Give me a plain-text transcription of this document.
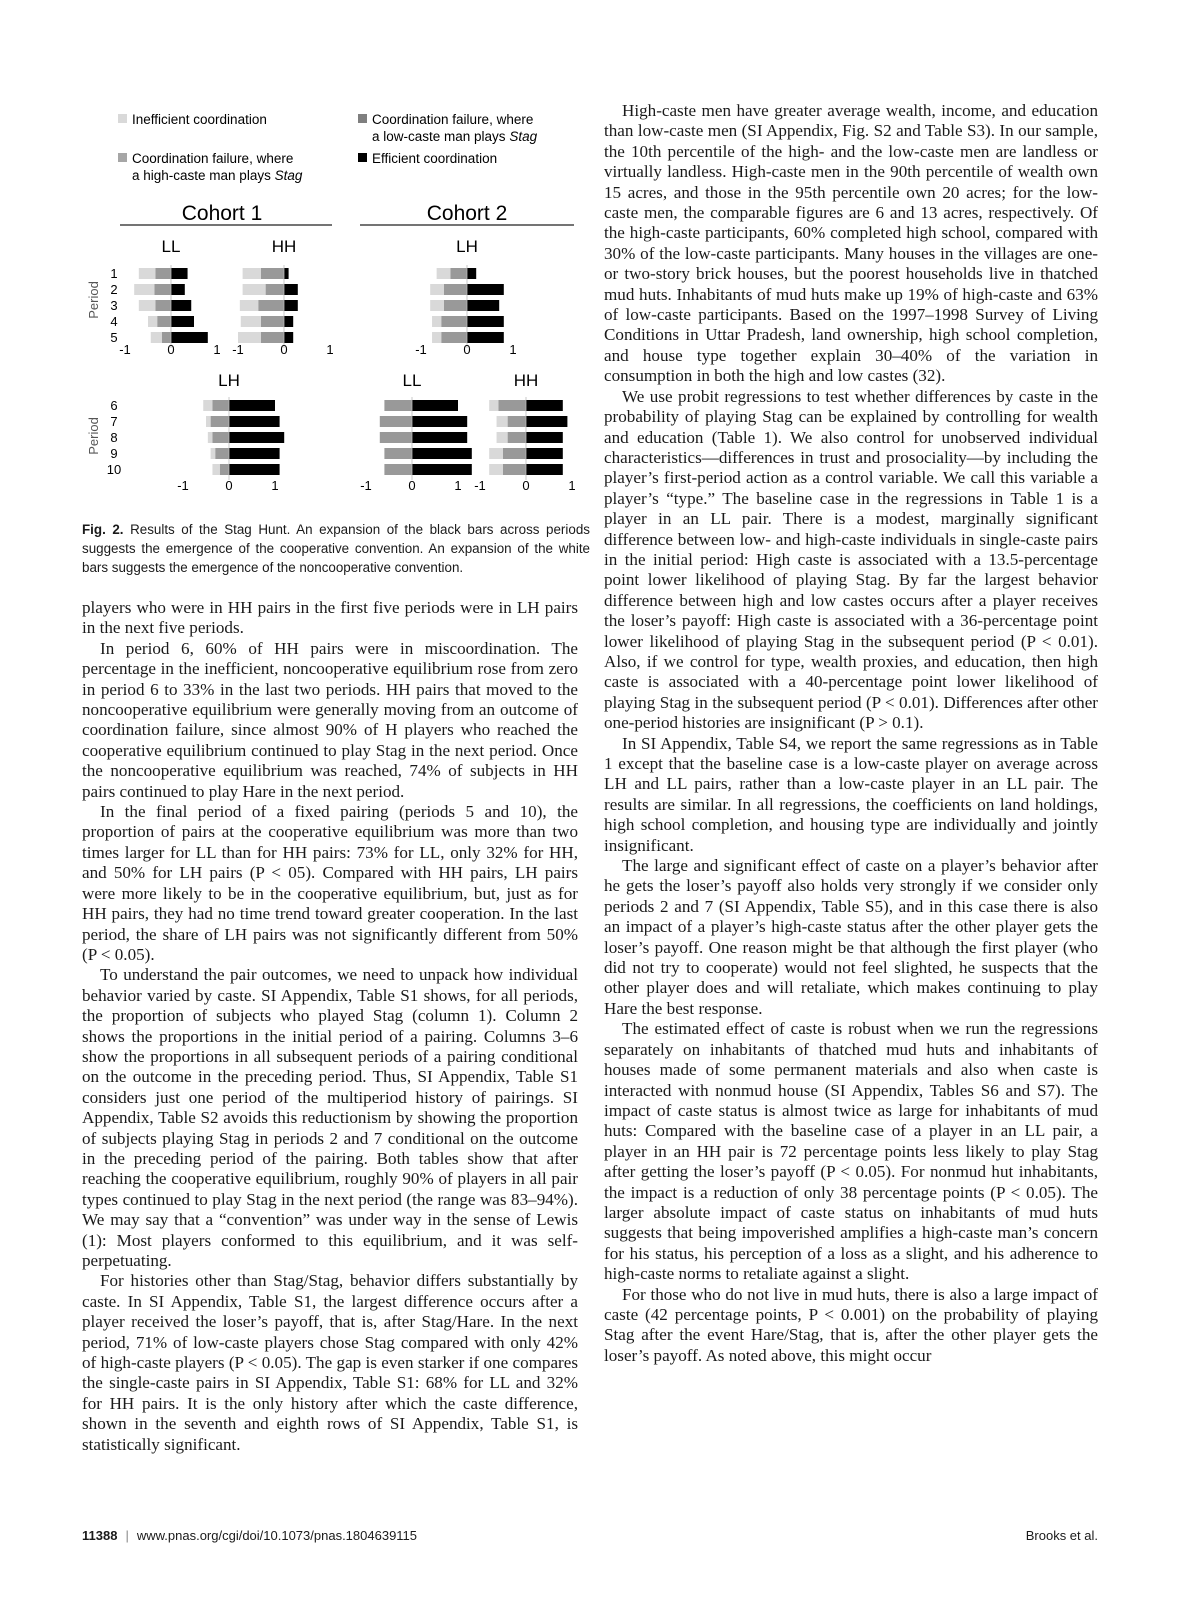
Inefficient coordination	Coordination failure, where
a low-caste man plays Stag
Coordination failure, where
a high-caste man plays Stag
Efficient coordination
Cohort 1	Cohort 2
Period
Period
LL
-1	0	1
HH
-1	0	1
LH
-1	0	1
LH
-1	0	1
LL
-1	0	1
HH
-1	0	1
1
2
3
4
5
6
7
8
9
10
Fig. 2. Results of the Stag Hunt. An expansion of the black bars across periods suggests the emergence of the cooperative convention. An expansion of the white bars suggests the emergence of the noncooperative convention.

players who were in HH pairs in the first five periods were in LH pairs in the next five periods.

In period 6, 60% of HH pairs were in miscoordination. The percentage in the inefficient, noncooperative equilibrium rose from zero in period 6 to 33% in the last two periods. HH pairs that moved to the noncooperative equilibrium were generally moving from an outcome of coordination failure, since almost 90% of H players who reached the cooperative equilibrium continued to play Stag in the next period. Once the noncooperative equilibrium was reached, 74% of subjects in HH pairs continued to play Hare in the next period.

In the final period of a fixed pairing (periods 5 and 10), the proportion of pairs at the cooperative equilibrium was more than two times larger for LL than for HH pairs: 73% for LL, only 32% for HH, and 50% for LH pairs (P < 05). Compared with HH pairs, LH pairs were more likely to be in the cooperative equilibrium, but, just as for HH pairs, they had no time trend toward greater cooperation. In the last period, the share of LH pairs was not significantly different from 50% (P < 0.05).

To understand the pair outcomes, we need to unpack how individual behavior varied by caste. SI Appendix, Table S1 shows, for all periods, the proportion of subjects who played Stag (column 1). Column 2 shows the proportions in the initial period of a pairing. Columns 3–6 show the proportions in all subsequent periods of a pairing conditional on the outcome in the preceding period. Thus, SI Appendix, Table S1 considers just one period of the multiperiod history of pairings. SI Appendix, Table S2 avoids this reductionism by showing the proportion of subjects playing Stag in periods 2 and 7 conditional on the outcome in the preceding period of the pairing. Both tables show that after reaching the cooperative equilibrium, roughly 90% of players in all pair types continued to play Stag in the next period (the range was 83–94%). We may say that a “convention” was under way in the sense of Lewis (1): Most players conformed to this equilibrium, and it was self-perpetuating.

For histories other than Stag/Stag, behavior differs substantially by caste. In SI Appendix, Table S1, the largest difference occurs after a player received the loser’s payoff, that is, after Stag/Hare. In the next period, 71% of low-caste players chose Stag compared with only 42% of high-caste players (P < 0.05). The gap is even starker if one compares the single-caste pairs in SI Appendix, Table S1: 68% for LL and 32% for HH pairs. It is the only history after which the caste difference, shown in the seventh and eighth rows of SI Appendix, Table S1, is statistically significant.

High-caste men have greater average wealth, income, and education than low-caste men (SI Appendix, Fig. S2 and Table S3). In our sample, the 10th percentile of the high- and the low-caste men are landless or virtually landless. High-caste men in the 90th percentile of wealth own 15 acres, and those in the 95th percentile own 20 acres; for the low-caste men, the comparable figures are 6 and 13 acres, respectively. Of the high-caste participants, 60% completed high school, compared with 30% of the low-caste participants. Many houses in the villages are one- or two-story brick houses, but the poorest households live in thatched mud huts. Inhabitants of mud huts make up 19% of high-caste and 63% of low-caste participants. Based on the 1997–1998 Survey of Living Conditions in Uttar Pradesh, land ownership, high school completion, and house type together explain 30–40% of the variation in consumption in both the high and low castes (32).

We use probit regressions to test whether differences by caste in the probability of playing Stag can be explained by controlling for wealth and education (Table 1). We also control for unobserved individual characteristics—differences in trust and prosociality—by including the player’s first-period action as a control variable. We call this variable a player’s “type.” The baseline case in the regressions in Table 1 is a player in an LL pair. There is a modest, marginally significant difference between low- and high-caste individuals in single-caste pairs in the initial period: High caste is associated with a 13.5-percentage point lower likelihood of playing Stag. By far the largest behavior difference between high and low castes occurs after a player receives the loser’s payoff: High caste is associated with a 36-percentage point lower likelihood of playing Stag in the subsequent period (P < 0.01). Also, if we control for type, wealth proxies, and education, then high caste is associated with a 40-percentage point lower likelihood of playing Stag in the subsequent period (P < 0.01). Differences after other one-period histories are insignificant (P > 0.1).

In SI Appendix, Table S4, we report the same regressions as in Table 1 except that the baseline case is a low-caste player on average across LH and LL pairs, rather than a low-caste player in an LL pair. The results are similar. In all regressions, the coefficients on land holdings, high school completion, and housing type are individually and jointly insignificant.

The large and significant effect of caste on a player’s behavior after he gets the loser’s payoff also holds very strongly if we consider only periods 2 and 7 (SI Appendix, Table S5), and in this case there is also an impact of a player’s high-caste status after the other player gets the loser’s payoff. One reason might be that although the first player (who did not try to cooperate) would not feel slighted, he suspects that the other player does and will retaliate, which makes continuing to play Hare the best response.

The estimated effect of caste is robust when we run the regressions separately on inhabitants of thatched mud huts and inhabitants of houses made of some permanent materials and also when caste is interacted with nonmud house (SI Appendix, Tables S6 and S7). The impact of caste status is almost twice as large for inhabitants of mud huts: Compared with the baseline case of a player in an LL pair, a player in an HH pair is 72 percentage points less likely to play Stag after getting the loser’s payoff (P < 0.05). For nonmud hut inhabitants, the impact is a reduction of only 38 percentage points (P < 0.05). The larger absolute impact of caste status on inhabitants of mud huts suggests that being impoverished amplifies a high-caste man’s concern for his status, his perception of a loss as a slight, and his adherence to high-caste norms to retaliate against a slight.

For those who do not live in mud huts, there is also a large impact of caste (42 percentage points, P < 0.001) on the probability of playing Stag after the event Hare/Stag, that is, after the other player gets the loser’s payoff. As noted above, this might occur

11388 | www.pnas.org/cgi/doi/10.1073/pnas.1804639115	Brooks et al.
